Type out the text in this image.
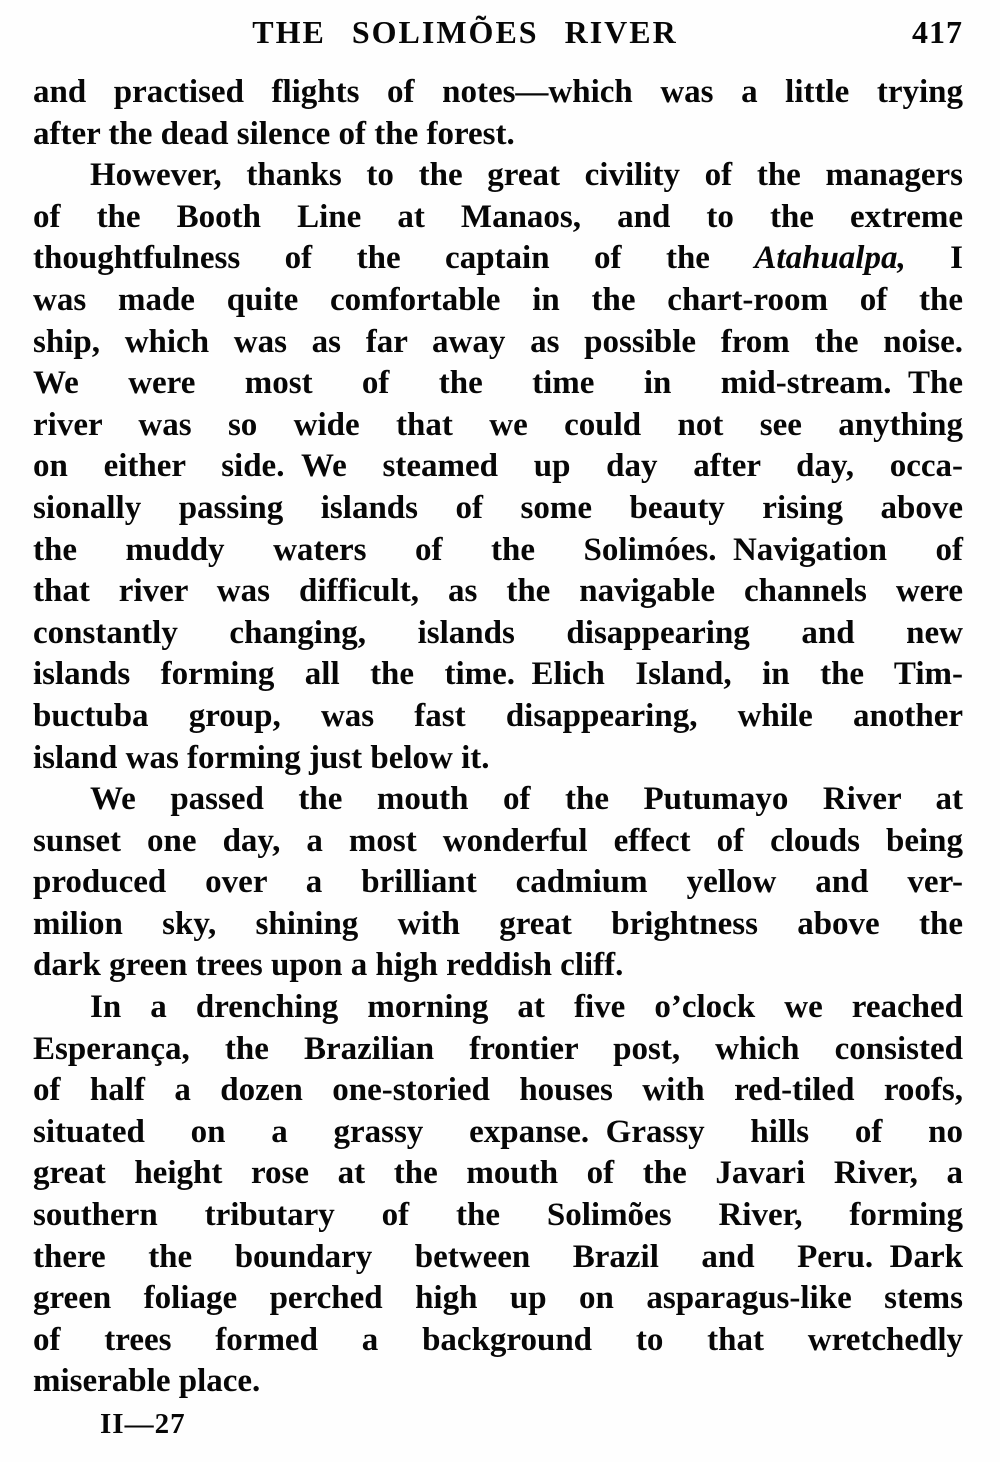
THE SOLIMÕES RIVER	417
and practised flights of notes—which was a little trying
after the dead silence of the forest.
However, thanks to the great civility of the managers
of the Booth Line at Manaos, and to the extreme
thoughtfulness of the captain of the Atahualpa, I
was made quite comfortable in the chart-room of the
ship, which was as far away as possible from the noise.
We were most of the time in mid-stream. The
river was so wide that we could not see anything
on either side. We steamed up day after day, occa-
sionally passing islands of some beauty rising above
the muddy waters of the Solimóes. Navigation of
that river was difficult, as the navigable channels were
constantly changing, islands disappearing and new
islands forming all the time. Elich Island, in the Tim-
buctuba group, was fast disappearing, while another
island was forming just below it.
We passed the mouth of the Putumayo River at
sunset one day, a most wonderful effect of clouds being
produced over a brilliant cadmium yellow and ver-
milion sky, shining with great brightness above the
dark green trees upon a high reddish cliff.
In a drenching morning at five o’clock we reached
Esperança, the Brazilian frontier post, which consisted
of half a dozen one-storied houses with red-tiled roofs,
situated on a grassy expanse. Grassy hills of no
great height rose at the mouth of the Javari River, a
southern tributary of the Solimões River, forming
there the boundary between Brazil and Peru. Dark
green foliage perched high up on asparagus-like stems
of trees formed a background to that wretchedly
miserable place.
II—27
